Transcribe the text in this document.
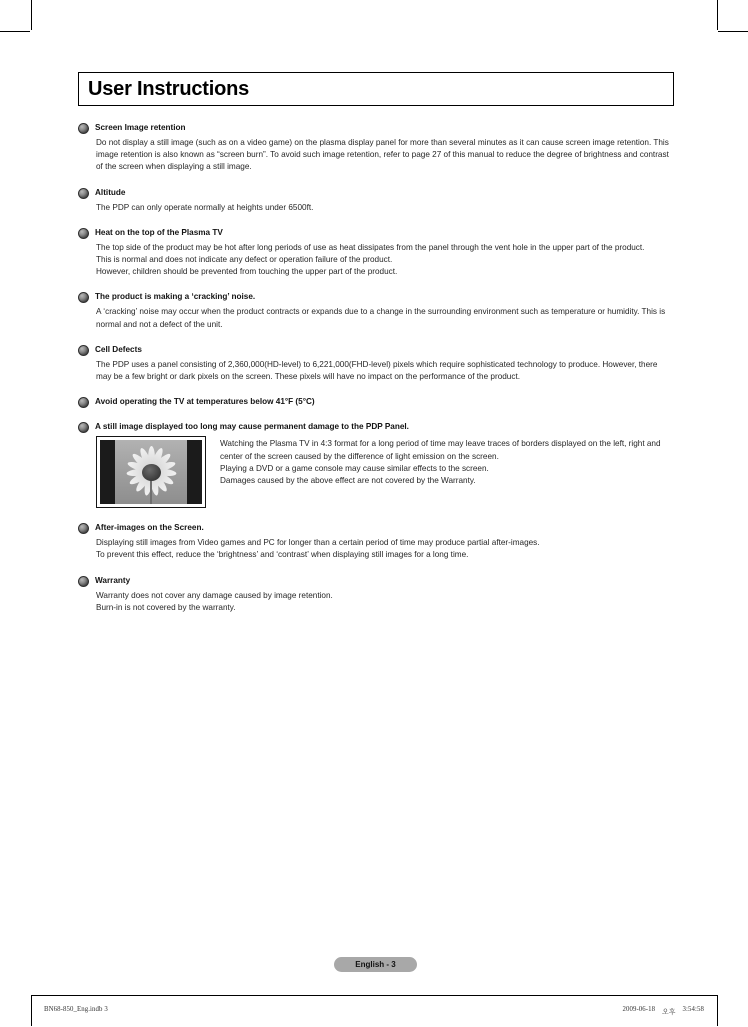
User Instructions
Screen Image retention

Do not display a still image (such as on a video game) on the plasma display panel for more than several minutes as it can cause screen image retention. This image retention is also known as “screen burn”. To avoid such image retention, refer to page 27 of this manual to reduce the degree of brightness and contrast of the screen when displaying a still image.

Altitude

The PDP can only operate normally at heights under 6500ft.

Heat on the top of the Plasma TV

The top side of the product may be hot after long periods of use as heat dissipates from the panel through the vent hole in the upper part of the product.

This is normal and does not indicate any defect or operation failure of the product.

However, children should be prevented from touching the upper part of the product.

The product is making a ‘cracking’ noise.

A ‘cracking’ noise may occur when the product contracts or expands due to a change in the surrounding environment such as temperature or humidity. This is normal and not a defect of the unit.

Cell Defects

The PDP uses a panel consisting of 2,360,000(HD-level) to 6,221,000(FHD-level) pixels which require sophisticated technology to produce. However, there may be a few bright or dark pixels on the screen. These pixels will have no impact on the performance of the product.

Avoid operating the TV at temperatures below 41°F (5°C)
A still image displayed too long may cause permanent damage to the PDP Panel.

Watching the Plasma TV in 4:3 format for a long period of time may leave traces of borders displayed on the left, right and center of the screen caused by the difference of light emission on the screen.

Playing a DVD or a game console may cause similar effects to the screen.

Damages caused by the above effect are not covered by the Warranty.

After-images on the Screen.

Displaying still images from Video games and PC for longer than a certain period of time may produce partial after-images.

To prevent this effect, reduce the ‘brightness’ and ‘contrast’ when displaying still images for a long time.

Warranty

Warranty does not cover any damage caused by image retention.

Burn-in is not covered by the warranty.

English - 3
BN68-850_Eng.indb 3	2009-06-18 오후 3:54:58
